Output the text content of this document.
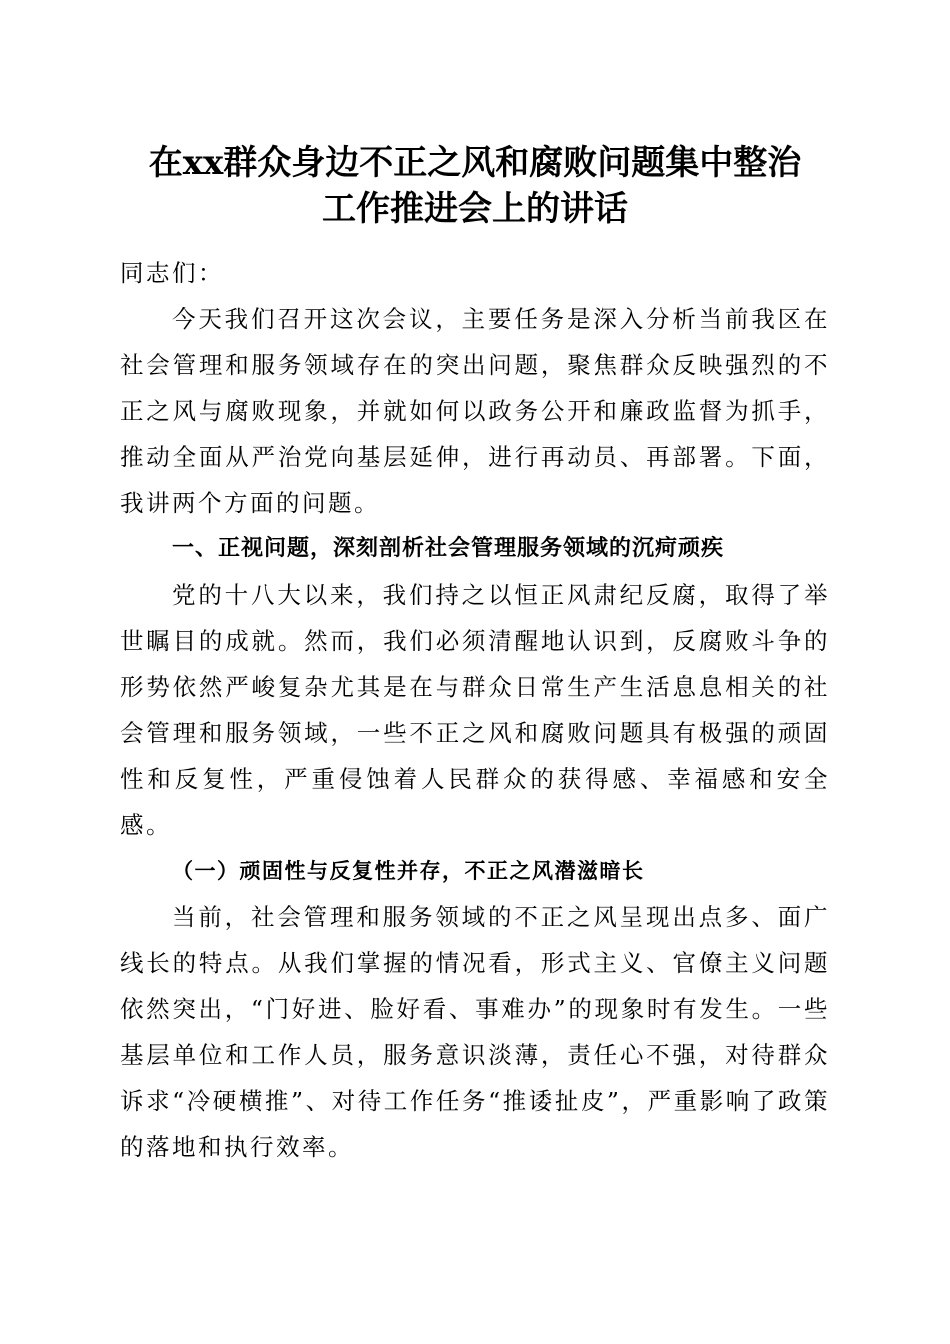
在xx群众身边不正之风和腐败问题集中整治
工作推进会上的讲话

同志们：

今天我们召开这次会议，主要任务是深入分析当前我区在社会管理和服务领域存在的突出问题，聚焦群众反映强烈的不正之风与腐败现象，并就如何以政务公开和廉政监督为抓手，推动全面从严治党向基层延伸，进行再动员、再部署。下面，我讲两个方面的问题。

一、正视问题，深刻剖析社会管理服务领域的沉疴顽疾

党的十八大以来，我们持之以恒正风肃纪反腐，取得了举世瞩目的成就。然而，我们必须清醒地认识到，反腐败斗争的形势依然严峻复杂尤其是在与群众日常生产生活息息相关的社会管理和服务领域，一些不正之风和腐败问题具有极强的顽固性和反复性，严重侵蚀着人民群众的获得感、幸福感和安全感。

（一）顽固性与反复性并存，不正之风潜滋暗长

当前，社会管理和服务领域的不正之风呈现出点多、面广线长的特点。从我们掌握的情况看，形式主义、官僚主义问题依然突出，“门好进、脸好看、事难办”的现象时有发生。一些基层单位和工作人员，服务意识淡薄，责任心不强，对待群众诉求“冷硬横推”、对待工作任务“推诿扯皮”，严重影响了政策的落地和执行效率。
